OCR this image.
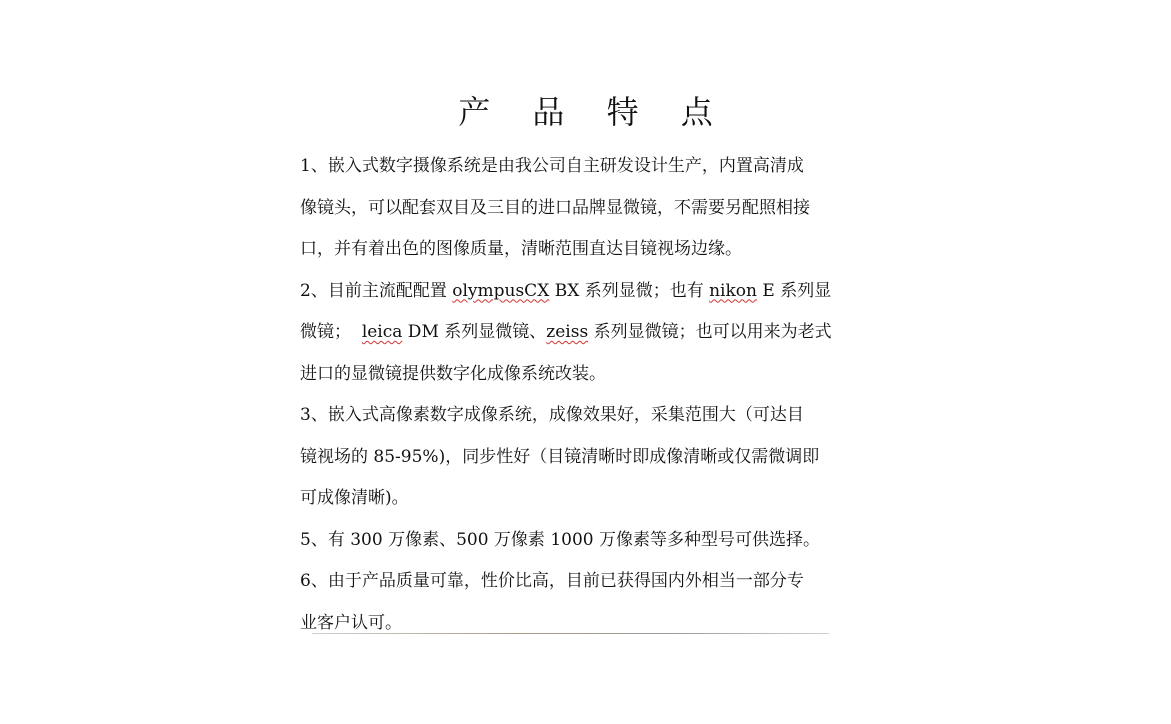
产 品 特 点

1、嵌入式数字摄像系统是由我公司自主研发设计生产，内置高清成
像镜头，可以配套双目及三目的进口品牌显微镜，不需要另配照相接
口，并有着出色的图像质量，清晰范围直达目镜视场边缘。

2、目前主流配配置 olympusCX BX 系列显微；也有 nikon E 系列显
微镜；  leica DM 系列显微镜、zeiss 系列显微镜；也可以用来为老式
进口的显微镜提供数字化成像系统改装。

3、嵌入式高像素数字成像系统，成像效果好，采集范围大（可达目
镜视场的 85-95%)，同步性好（目镜清晰时即成像清晰或仅需微调即
可成像清晰)。

5、有 300 万像素、500 万像素 1000 万像素等多种型号可供选择。

6、由于产品质量可靠，性价比高，目前已获得国内外相当一部分专
业客户认可。
